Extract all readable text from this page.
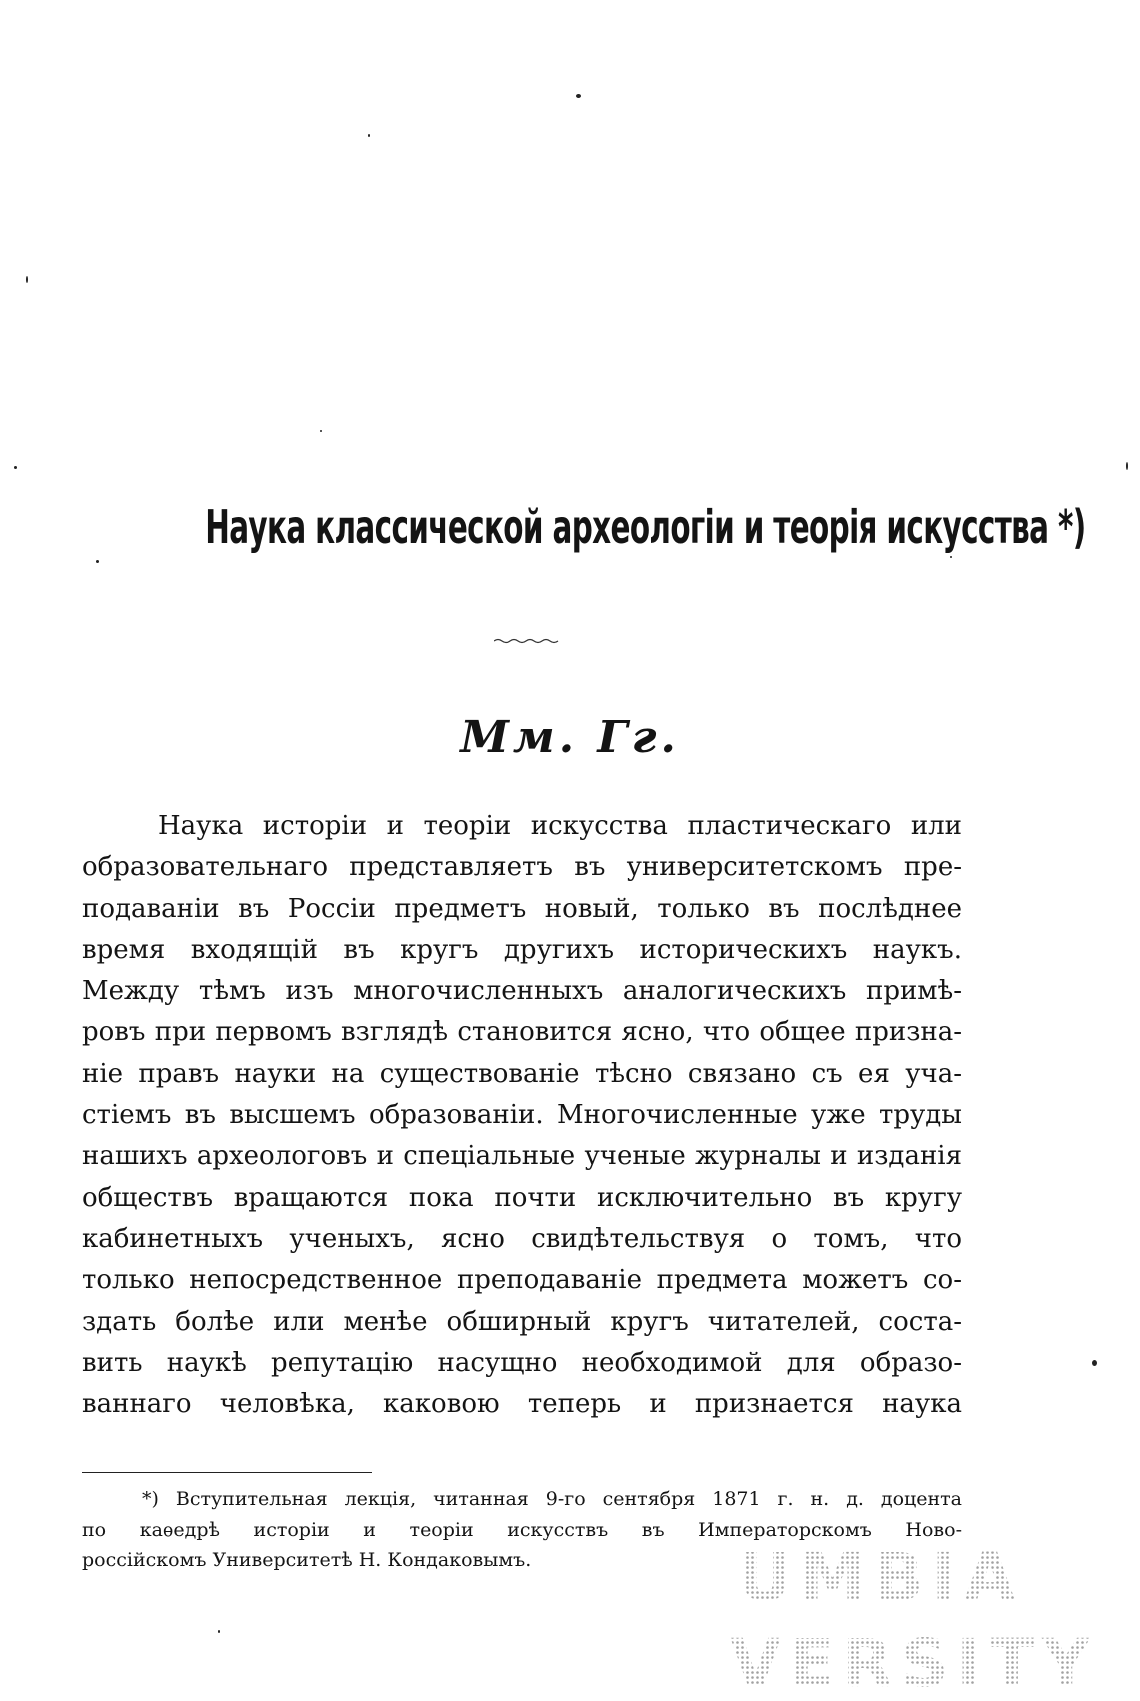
Наука классической археологіи и теорія искусства *)
Мм. Гг.
Наука исторіи и теоріи искусства пластическаго или
образовательнаго представляетъ въ университетскомъ пре-
подаваніи въ Россіи предметъ новый, только въ послѣднее
время входящій въ кругъ другихъ историческихъ наукъ.
Между тѣмъ изъ многочисленныхъ аналогическихъ примѣ-
ровъ при первомъ взглядѣ становится ясно, что общее призна-
ніе правъ науки на существованіе тѣсно связано съ ея уча-
стіемъ въ высшемъ образованіи. Многочисленные уже труды
нашихъ археологовъ и спеціальные ученые журналы и изданія
обществъ вращаются пока почти исключительно въ кругу
кабинетныхъ ученыхъ, ясно свидѣтельствуя о томъ, что
только непосредственное преподаваніе предмета можетъ со-
здать болѣе или менѣе обширный кругъ читателей, соста-
вить наукѣ репутацію насущно необходимой для образо-
ваннаго человѣка, каковою теперь и признается наука
*) Вступительная лекція, читанная 9-го сентября 1871 г. н. д. доцента
по каѳедрѣ исторіи и теоріи искусствъ въ Императорскомъ Ново-
россійскомъ Университетѣ Н. Кондаковымъ.	UMBIA
VERSITY
